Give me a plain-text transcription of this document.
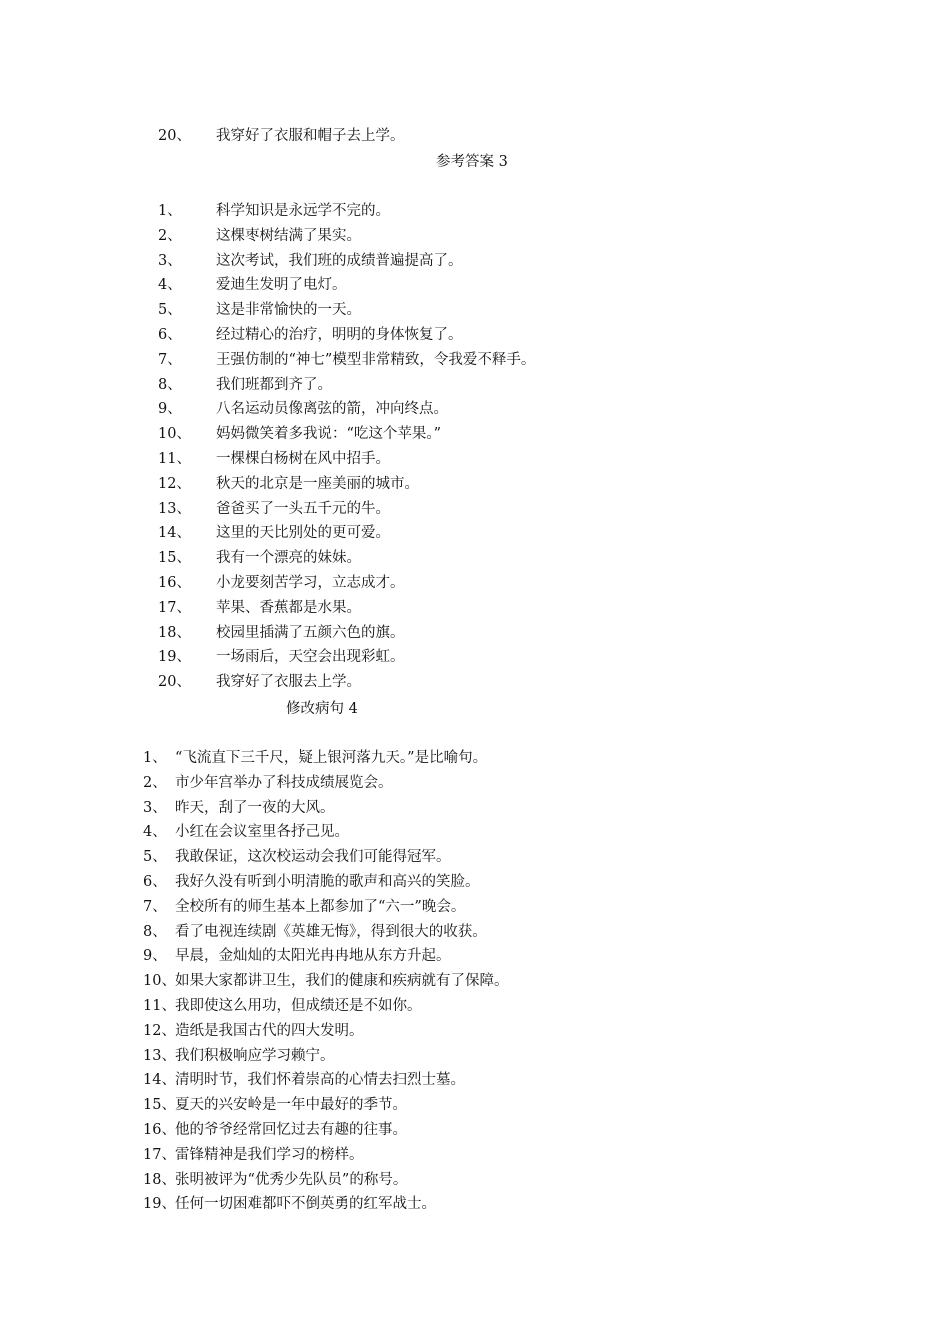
20、 我穿好了衣服和帽子去上学。
参考答案 3
1、 科学知识是永远学不完的。
2、 这棵枣树结满了果实。
3、 这次考试，我们班的成绩普遍提高了。
4、 爱迪生发明了电灯。
5、 这是非常愉快的一天。
6、 经过精心的治疗，明明的身体恢复了。
7、 王强仿制的“神七”模型非常精致，令我爱不释手。
8、 我们班都到齐了。
9、 八名运动员像离弦的箭，冲向终点。
10、 妈妈微笑着多我说：“吃这个苹果。”
11、 一棵棵白杨树在风中招手。
12、 秋天的北京是一座美丽的城市。
13、 爸爸买了一头五千元的牛。
14、 这里的天比别处的更可爱。
15、 我有一个漂亮的妹妹。
16、 小龙要刻苦学习，立志成才。
17、 苹果、香蕉都是水果。
18、 校园里插满了五颜六色的旗。
19、 一场雨后，天空会出现彩虹。
20、 我穿好了衣服去上学。
修改病句 4
1、 “飞流直下三千尺，疑上银河落九天。”是比喻句。
2、 市少年宫举办了科技成绩展览会。
3、 昨天，刮了一夜的大风。
4、 小红在会议室里各抒己见。
5、 我敢保证，这次校运动会我们可能得冠军。
6、 我好久没有听到小明清脆的歌声和高兴的笑脸。
7、 全校所有的师生基本上都参加了“六一”晚会。
8、 看了电视连续剧《英雄无悔》，得到很大的收获。
9、 早晨，金灿灿的太阳光冉冉地从东方升起。
10、 如果大家都讲卫生，我们的健康和疾病就有了保障。
11、 我即使这么用功，但成绩还是不如你。
12、 造纸是我国古代的四大发明。
13、 我们积极响应学习赖宁。
14、 清明时节，我们怀着崇高的心情去扫烈士墓。
15、 夏天的兴安岭是一年中最好的季节。
16、 他的爷爷经常回忆过去有趣的往事。
17、 雷锋精神是我们学习的榜样。
18、 张明被评为“优秀少先队员”的称号。
19、 任何一切困难都吓不倒英勇的红军战士。
